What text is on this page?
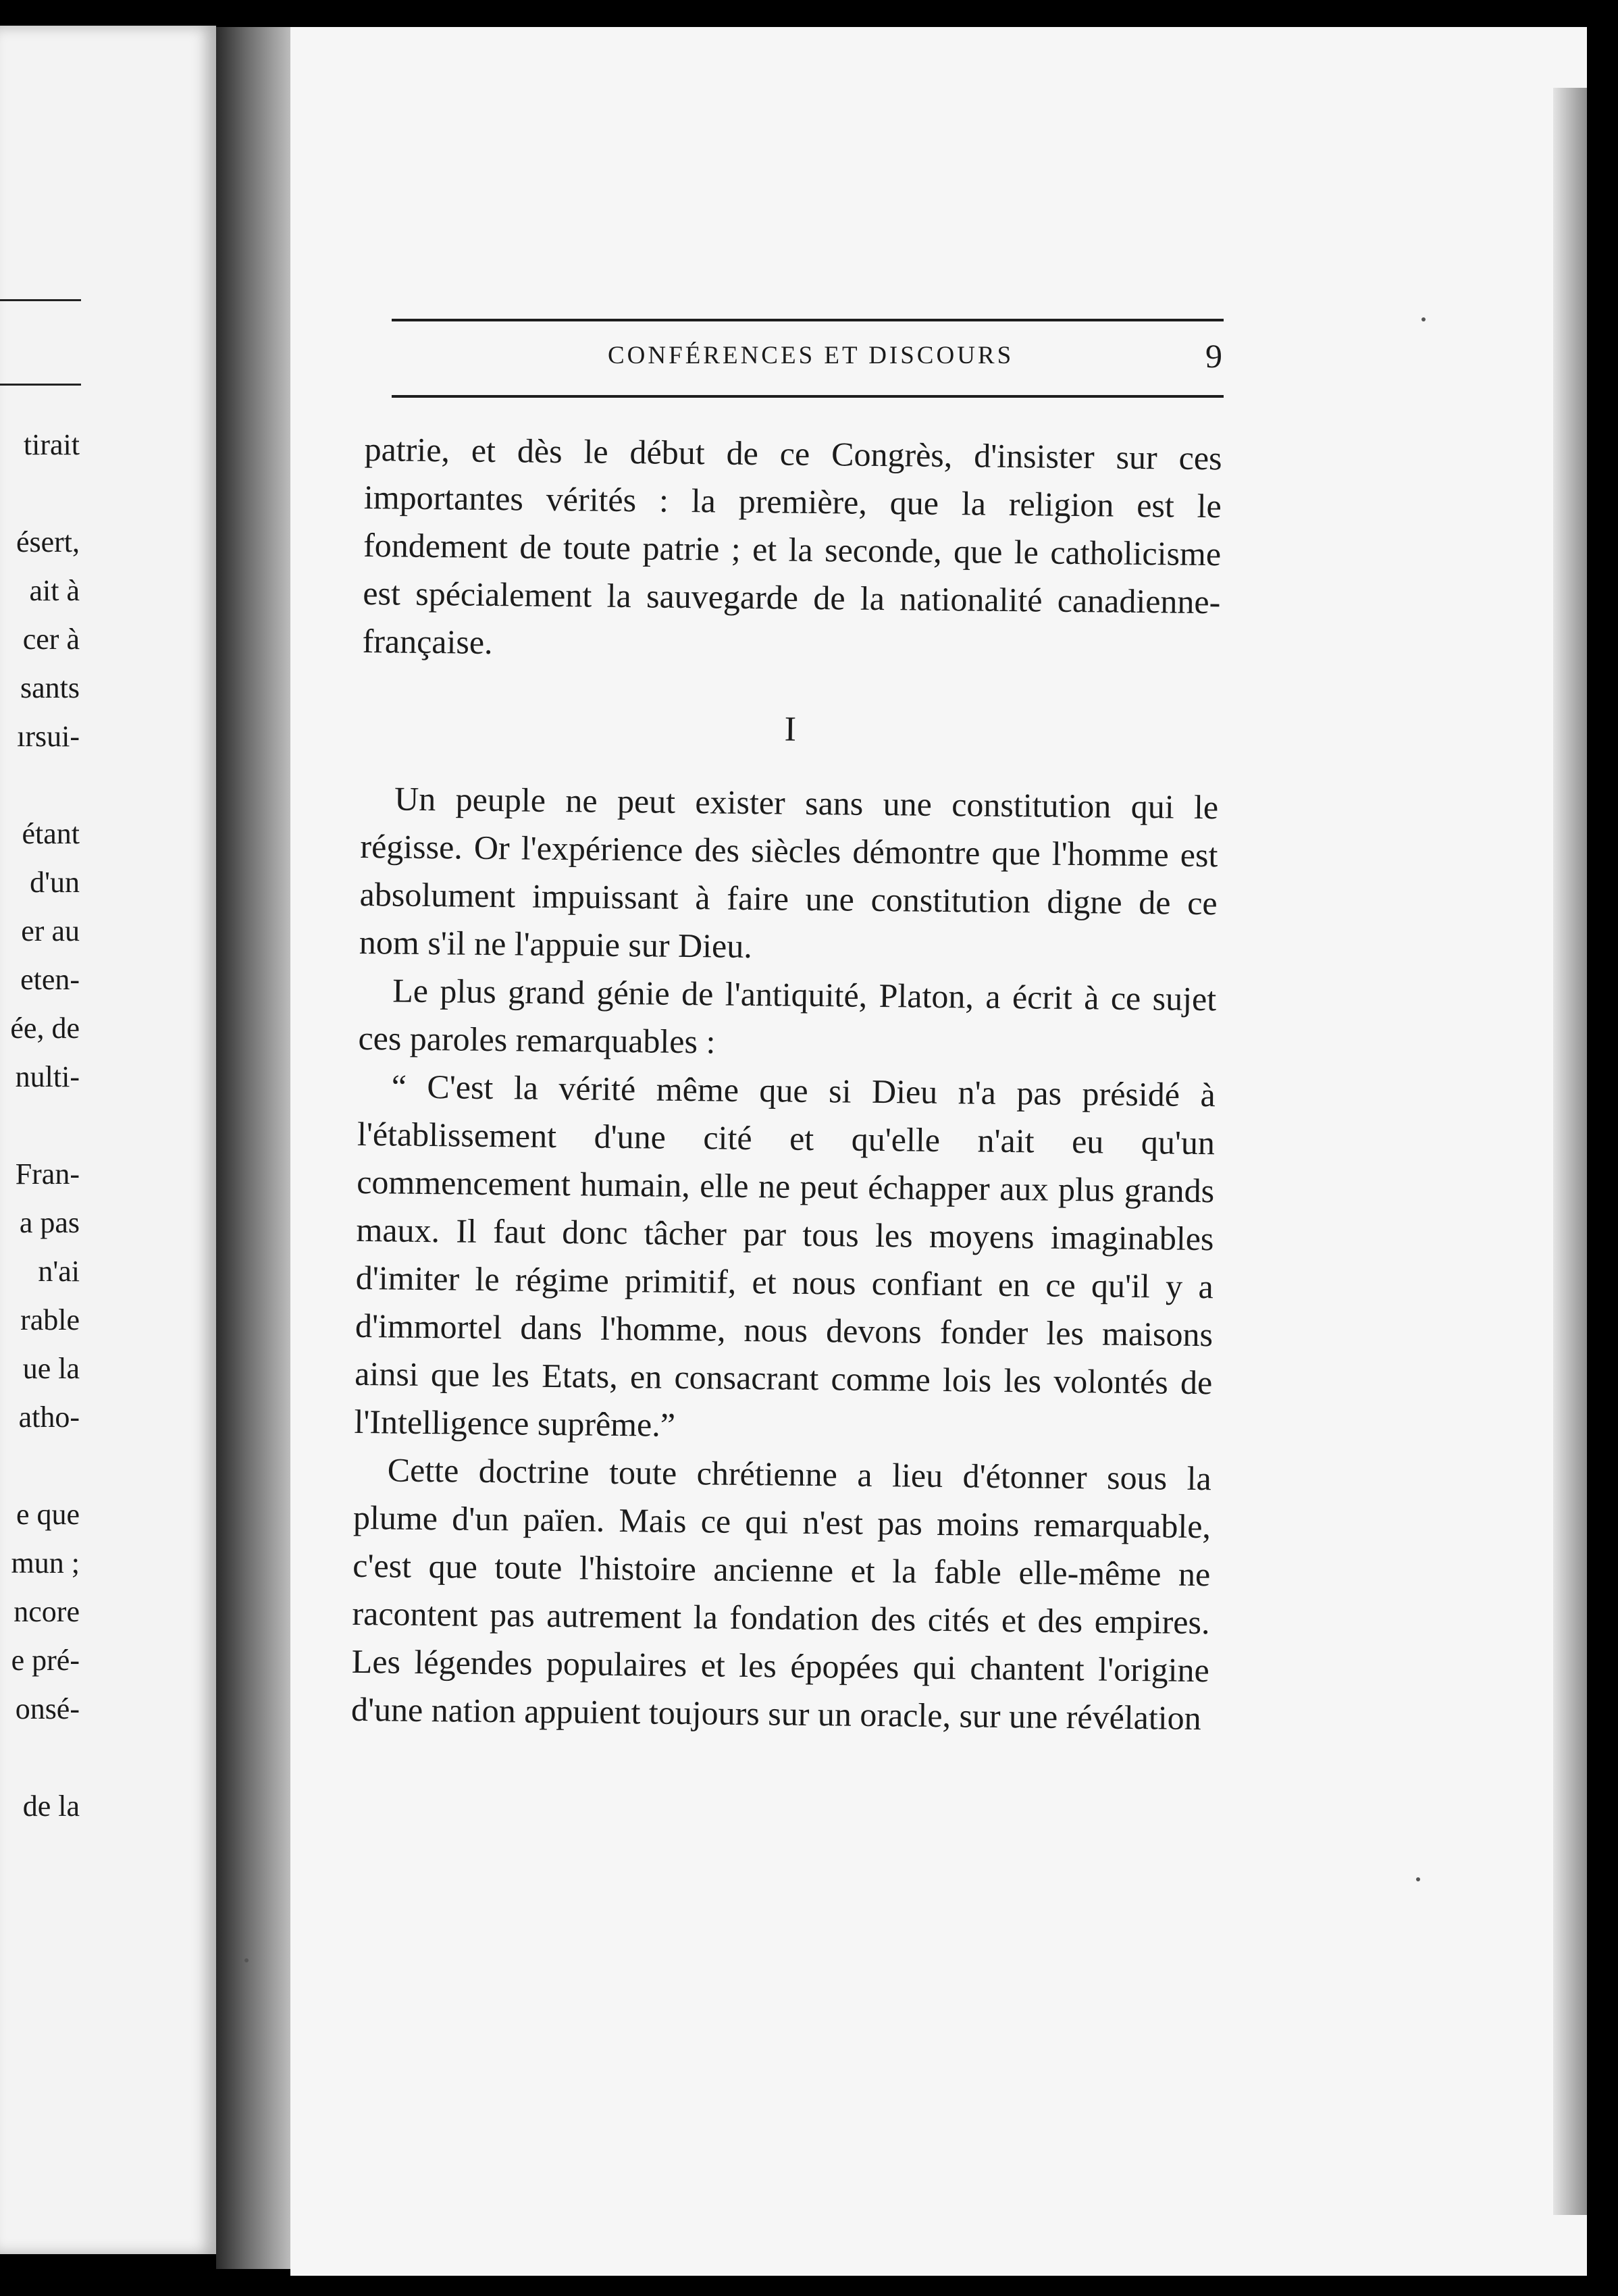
tirait
ésert,
ait à
cer à
sants
ırsui-
étant
d'un
er au
eten-
ée, de
nulti-
Fran-
a pas
n'ai
rable
ue la
atho-
e que
mun ;
ncore
e pré-
onsé-
de la
CONFÉRENCES ET DISCOURS	9

patrie, et dès le début de ce Congrès, d'insister sur ces importantes vérités : la première, que la religion est le fondement de toute patrie ; et la seconde, que le catholicisme est spécialement la sauvegarde de la nationalité canadienne-française.

I

Un peuple ne peut exister sans une constitution qui le régisse. Or l'expérience des siècles démontre que l'homme est absolument impuissant à faire une constitution digne de ce nom s'il ne l'appuie sur Dieu.

Le plus grand génie de l'antiquité, Platon, a écrit à ce sujet ces paroles remarquables :

“ C'est la vérité même que si Dieu n'a pas présidé à l'établissement d'une cité et qu'elle n'ait eu qu'un commencement humain, elle ne peut échapper aux plus grands maux. Il faut donc tâcher par tous les moyens imaginables d'imiter le régime primitif, et nous confiant en ce qu'il y a d'immortel dans l'homme, nous devons fonder les maisons ainsi que les Etats, en consacrant comme lois les volontés de l'Intelligence suprême.”

Cette doctrine toute chrétienne a lieu d'étonner sous la plume d'un païen. Mais ce qui n'est pas moins remarquable, c'est que toute l'histoire ancienne et la fable elle-même ne racontent pas autrement la fondation des cités et des empires. Les légendes populaires et les épopées qui chantent l'origine d'une nation appuient toujours sur un oracle, sur une révélation
